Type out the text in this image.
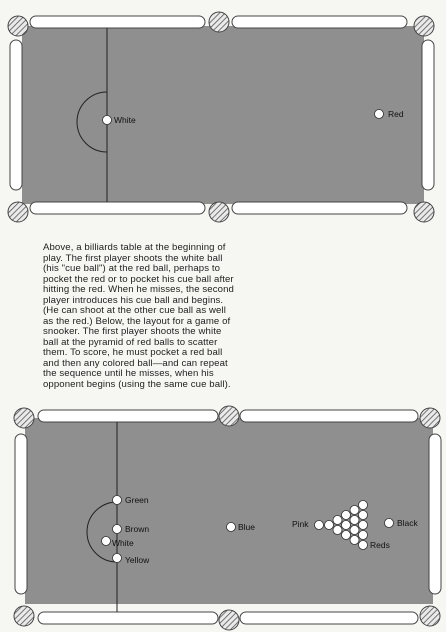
White
Red
Above, a billiards table at the beginning of
play. The first player shoots the white ball
(his "cue ball") at the red ball, perhaps to
pocket the red or to pocket his cue ball after
hitting the red. When he misses, the second
player introduces his cue ball and begins.
(He can shoot at the other cue ball as well
as the red.) Below, the layout for a game of
snooker. The first player shoots the white
ball at the pyramid of red balls to scatter
them. To score, he must pocket a red ball
and then any colored ball—and can repeat
the sequence until he misses, when his
opponent begins (using the same cue ball).
Green
Brown
White
Yellow
Blue	Pink
Reds
Black
